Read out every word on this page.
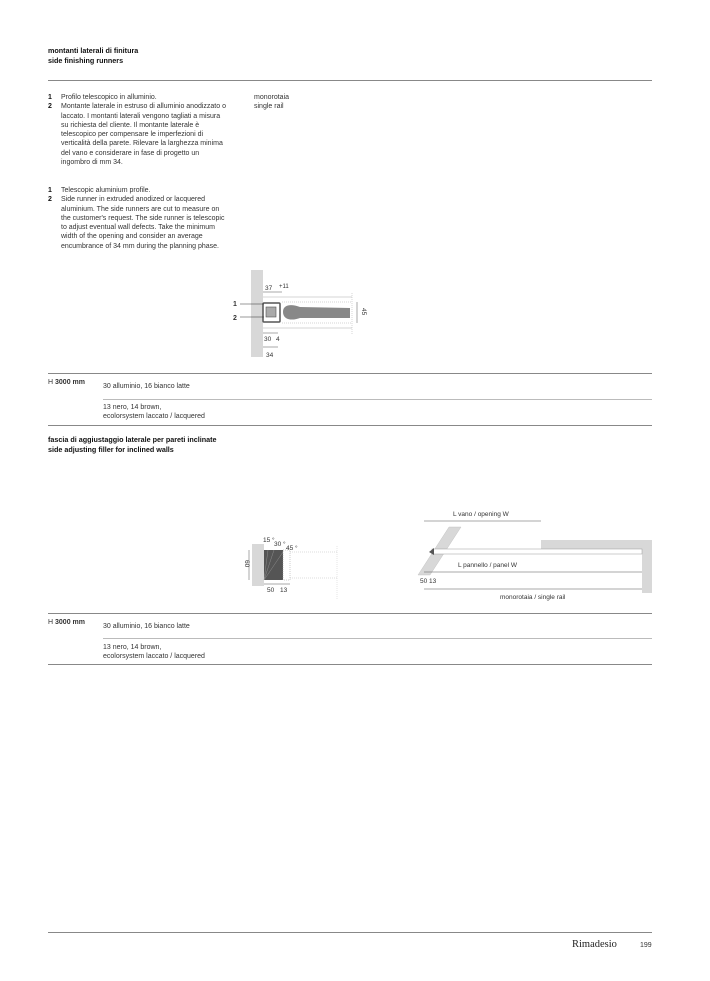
montanti laterali di finitura
side finishing runners
1 Profilo telescopico in alluminio.
2 Montante laterale in estruso di alluminio anodizzato o laccato. I montanti laterali vengono tagliati a misura su richiesta del cliente. Il montante laterale è telescopico per compensare le imperfezioni di verticalità della parete. Rilevare la larghezza minima del vano e considerare in fase di progetto un ingombro di mm 34.
1 Telescopic aluminium profile.
2 Side runner in extruded anodized or lacquered aluminium. The side runners are cut to measure on the customer's request. The side runner is telescopic to adjust eventual wall defects. Take the minimum width of the opening and consider an average encumbrance of 34 mm during the planning phase.
monorotaia
single rail
1
2
37 +11
45
30 4
34
H 3000 mm
30 alluminio, 16 bianco latte
13 nero, 14 brown,
ecolorsystem laccato / lacquered
fascia di aggiustaggio laterale per pareti inclinate
side adjusting filler for inclined walls
15 °
30 °
45 °
60
50 13
L vano / opening W
L pannello / panel W
50 13
monorotaia / single rail
H 3000 mm
30 alluminio, 16 bianco latte
13 nero, 14 brown,
ecolorsystem laccato / lacquered
Rimadesio	199
